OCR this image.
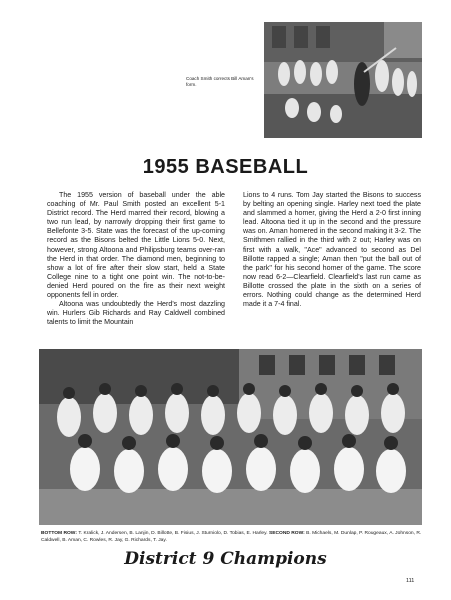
Coach Smith corrects Bill Aman's form.
1955 BASEBALL

The 1955 version of baseball under the able coaching of Mr. Paul Smith posted an excellent 5-1 District record. The Herd marred their record, blowing a two run lead, by narrowly dropping their first game to Bellefonte 3-5. State was the forecast of the up-coming record as the Bisons belted the Little Lions 5-0. Next, however, strong Altoona and Philipsburg teams over-ran the Herd in that order. The diamond men, beginning to show a lot of fire after their slow start, held a State College nine to a tight one point win. The not-to-be-denied Herd poured on the fire as their next weight opponents fell in order.

Altoona was undoubtedly the Herd's most dazzling win. Hurlers Gib Richards and Ray Caldwell combined talents to limit the Mountain

Lions to 4 runs. Tom Jay started the Bisons to success by belting an opening single. Harley next toed the plate and slammed a homer, giving the Herd a 2-0 first inning lead. Altoona tied it up in the second and the pressure was on. Aman homered in the second making it 3-2. The Smithmen rallied in the third with 2 out; Harley was on first with a walk, "Ace" advanced to second as Del Billotte rapped a single; Aman then "put the ball out of the park" for his second homer of the game. The score now read 6-2—Clearfield. Clearfield's last run came as Billotte crossed the plate in the sixth on a series of errors. Nothing could change as the determined Herd made it a 7-4 final.

BOTTOM ROW: T. Kralick, J. Andersen, B. Lanjin, D. Billotte, B. Fisius, J. Sturniolo, D. Tobias, E. Harley. SECOND ROW: B. Michaels, M. Dunlap, P. Rougeaux, A. Johnson, R. Caldwell, B. Aman, C. Rowles, R. Jay, G. Richards, T. Jay.
District 9 Champions
111
